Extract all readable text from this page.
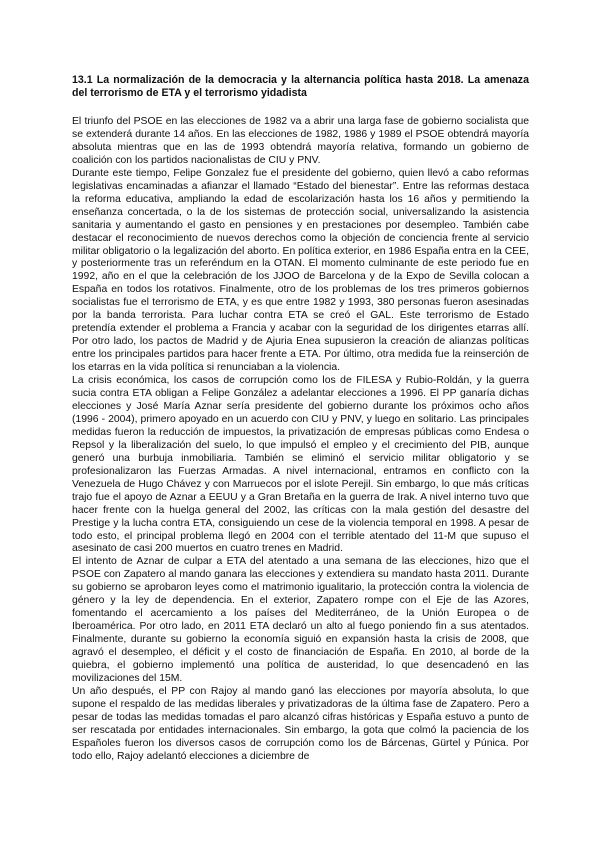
13.1 La normalización de la democracia y la alternancia política hasta 2018. La amenaza del terrorismo de ETA y el terrorismo yidadista

El triunfo del PSOE en las elecciones de 1982 va a abrir una larga fase de gobierno socialista que se extenderá durante 14 años. En las elecciones de 1982, 1986 y 1989 el PSOE obtendrá mayoría absoluta mientras que en las de 1993 obtendrá mayoría relativa, formando un gobierno de coalición con los partidos nacionalistas de CIU y PNV.

Durante este tiempo, Felipe Gonzalez fue el presidente del gobierno, quien llevó a cabo reformas legislativas encaminadas a afianzar el llamado “Estado del bienestar”. Entre las reformas destaca la reforma educativa, ampliando la edad de escolarización hasta los 16 años y permitiendo la enseñanza concertada, o la de los sistemas de protección social, universalizando la asistencia sanitaria y aumentando el gasto en pensiones y en prestaciones por desempleo. También cabe destacar el reconocimiento de nuevos derechos como la objeción de conciencia frente al servicio militar obligatorio o la legalización del aborto. En política exterior, en 1986 España entra en la CEE, y posteriormente tras un referéndum en la OTAN. El momento culminante de este periodo fue en 1992, año en el que la celebración de los JJOO de Barcelona y de la Expo de Sevilla colocan a España en todos los rotativos. Finalmente, otro de los problemas de los tres primeros gobiernos socialistas fue el terrorismo de ETA, y es que entre 1982 y 1993, 380 personas fueron asesinadas por la banda terrorista. Para luchar contra ETA se creó el GAL. Este terrorismo de Estado pretendía extender el problema a Francia y acabar con la seguridad de los dirigentes etarras allí. Por otro lado, los pactos de Madrid y de Ajuria Enea supusieron la creación de alianzas políticas entre los principales partidos para hacer frente a ETA. Por último, otra medida fue la reinserción de los etarras en la vida política si renunciaban a la violencia.

La crisis económica, los casos de corrupción como los de FILESA y Rubio-Roldán, y la guerra sucia contra ETA obligan a Felipe González a adelantar elecciones a 1996. El PP ganaría dichas elecciones y José María Aznar sería presidente del gobierno durante los próximos ocho años (1996 - 2004), primero apoyado en un acuerdo con CIU y PNV, y luego en solitario. Las principales medidas fueron la reducción de impuestos, la privatización de empresas públicas como Endesa o Repsol y la liberalización del suelo, lo que impulsó el empleo y el crecimiento del PIB, aunque generó una burbuja inmobiliaria. También se eliminó el servicio militar obligatorio y se profesionalizaron las Fuerzas Armadas. A nivel internacional, entramos en conflicto con la Venezuela de Hugo Chávez y con Marruecos por el islote Perejil. Sin embargo, lo que más críticas trajo fue el apoyo de Aznar a EEUU y a Gran Bretaña en la guerra de Irak. A nivel interno tuvo que hacer frente con la huelga general del 2002, las críticas con la mala gestión del desastre del Prestige y la lucha contra ETA, consiguiendo un cese de la violencia temporal en 1998. A pesar de todo esto, el principal problema llegó en 2004 con el terrible atentado del 11-M que supuso el asesinato de casi 200 muertos en cuatro trenes en Madrid.

El intento de Aznar de culpar a ETA del atentado a una semana de las elecciones, hizo que el PSOE con Zapatero al mando ganara las elecciones y extendiera su mandato hasta 2011. Durante su gobierno se aprobaron leyes como el matrimonio igualitario, la protección contra la violencia de género y la ley de dependencia. En el exterior, Zapatero rompe con el Eje de las Azores, fomentando el acercamiento a los países del Mediterráneo, de la Unión Europea o de Iberoamérica. Por otro lado, en 2011 ETA declaró un alto al fuego poniendo fin a sus atentados. Finalmente, durante su gobierno la economía siguió en expansión hasta la crisis de 2008, que agravó el desempleo, el déficit y el costo de financiación de España. En 2010, al borde de la quiebra, el gobierno implementó una política de austeridad, lo que desencadenó en las movilizaciones del 15M.

Un año después, el PP con Rajoy al mando ganó las elecciones por mayoría absoluta, lo que supone el respaldo de las medidas liberales y privatizadoras de la última fase de Zapatero. Pero a pesar de todas las medidas tomadas el paro alcanzó cifras históricas y España estuvo a punto de ser rescatada por entidades internacionales. Sin embargo, la gota que colmó la paciencia de los Españoles fueron los diversos casos de corrupción como los de Bárcenas, Gürtel y Púnica. Por todo ello, Rajoy adelantó elecciones a diciembre de
